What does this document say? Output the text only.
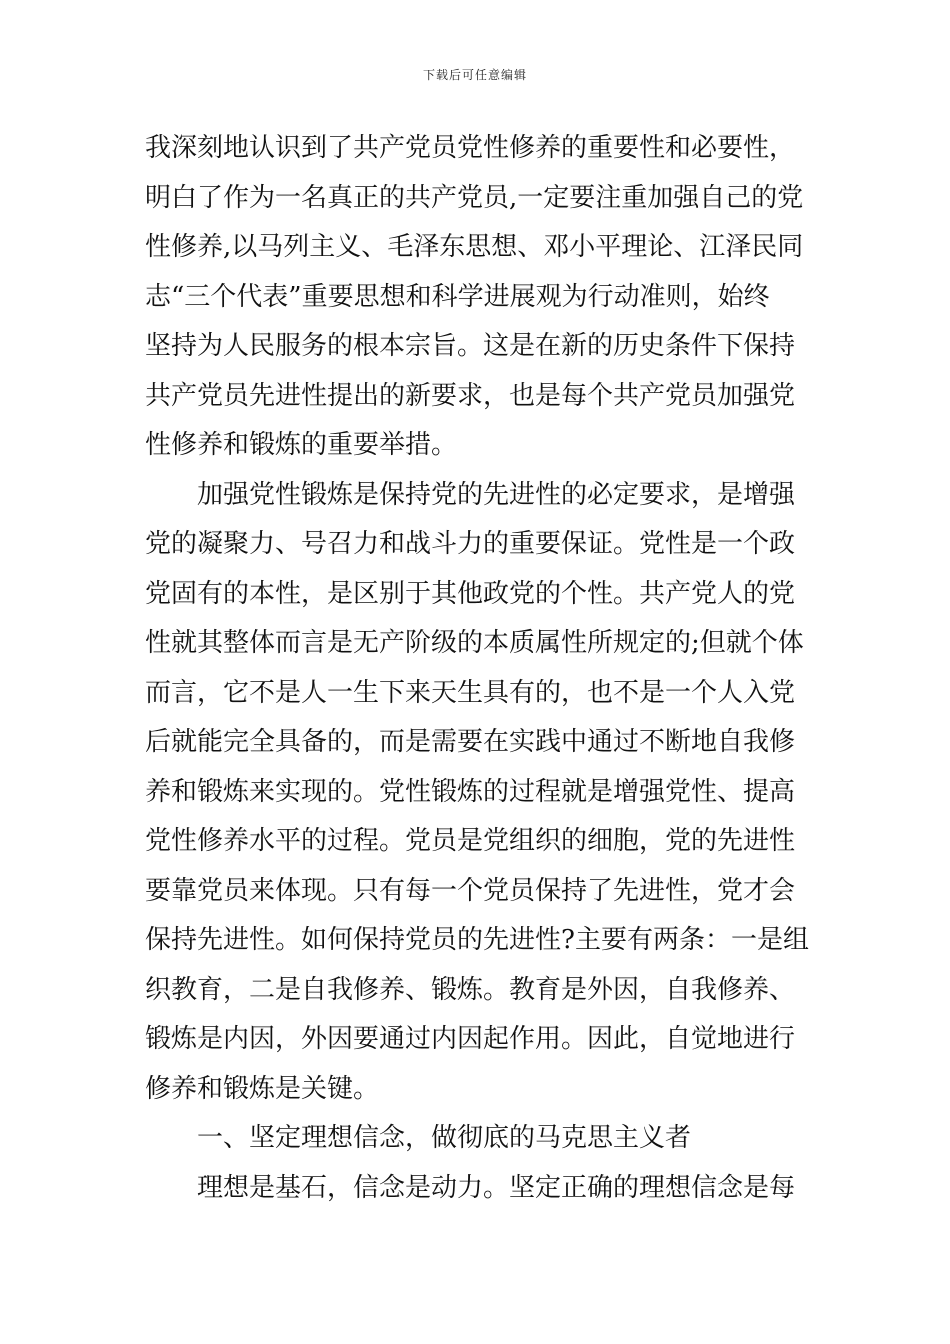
下载后可任意编辑
我深刻地认识到了共产党员党性修养的重要性和必要性，
明白了作为一名真正的共产党员,一定要注重加强自己的党
性修养,以马列主义、毛泽东思想、邓小平理论、江泽民同
志“三个代表”重要思想和科学进展观为行动准则，始终
坚持为人民服务的根本宗旨。这是在新的历史条件下保持
共产党员先进性提出的新要求，也是每个共产党员加强党
性修养和锻炼的重要举措。
加强党性锻炼是保持党的先进性的必定要求，是增强
党的凝聚力、号召力和战斗力的重要保证。党性是一个政
党固有的本性，是区别于其他政党的个性。共产党人的党
性就其整体而言是无产阶级的本质属性所规定的;但就个体
而言，它不是人一生下来天生具有的，也不是一个人入党
后就能完全具备的，而是需要在实践中通过不断地自我修
养和锻炼来实现的。党性锻炼的过程就是增强党性、提高
党性修养水平的过程。党员是党组织的细胞，党的先进性
要靠党员来体现。只有每一个党员保持了先进性，党才会
保持先进性。如何保持党员的先进性?主要有两条：一是组
织教育，二是自我修养、锻炼。教育是外因，自我修养、
锻炼是内因，外因要通过内因起作用。因此，自觉地进行
修养和锻炼是关键。
一、坚定理想信念，做彻底的马克思主义者
理想是基石，信念是动力。坚定正确的理想信念是每
